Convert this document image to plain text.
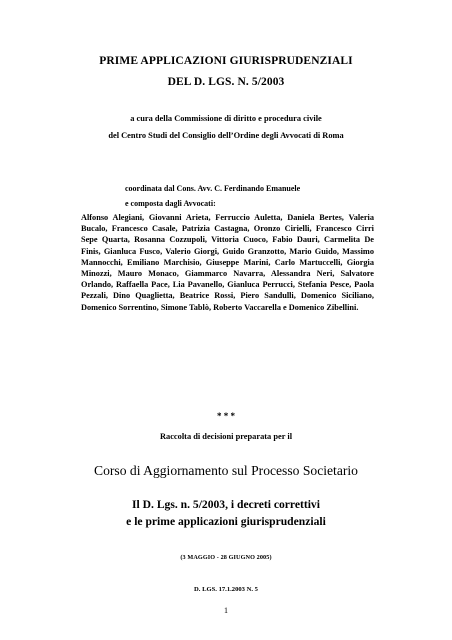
PRIME APPLICAZIONI GIURISPRUDENZIALI
DEL D. LGS. N. 5/2003
a cura della Commissione di diritto e procedura civile
del Centro Studi del Consiglio dell’Ordine degli Avvocati di Roma
coordinata dal Cons. Avv. C. Ferdinando Emanuele
e composta dagli Avvocati:
Alfonso Alegiani, Giovanni Arieta, Ferruccio Auletta, Daniela Bertes, Valeria
Bucalo, Francesco Casale, Patrizia Castagna, Oronzo Cirielli, Francesco Cirri
Sepe Quarta, Rosanna Cozzupoli, Vittoria Cuoco, Fabio Dauri, Carmelita De
Finis, Gianluca Fusco, Valerio Giorgi, Guido Granzotto, Mario Guido, Massimo
Mannocchi, Emiliano Marchisio, Giuseppe Marini, Carlo Martuccelli, Giorgia
Minozzi, Mauro Monaco, Giammarco Navarra, Alessandra Neri, Salvatore
Orlando, Raffaella Pace, Lia Pavanello, Gianluca Perrucci, Stefania Pesce, Paola
Pezzali, Dino Quaglietta, Beatrice Rossi, Piero Sandulli, Domenico Siciliano,
Domenico Sorrentino, Simone Tablò, Roberto Vaccarella e Domenico Zibellini.
* * *
Raccolta di decisioni preparata per il
Corso di Aggiornamento sul Processo Societario
Il D. Lgs. n. 5/2003, i decreti correttivi
e le prime applicazioni giurisprudenziali
(3 MAGGIO - 28 GIUGNO 2005)
D. LGS. 17.1.2003 N. 5
1
